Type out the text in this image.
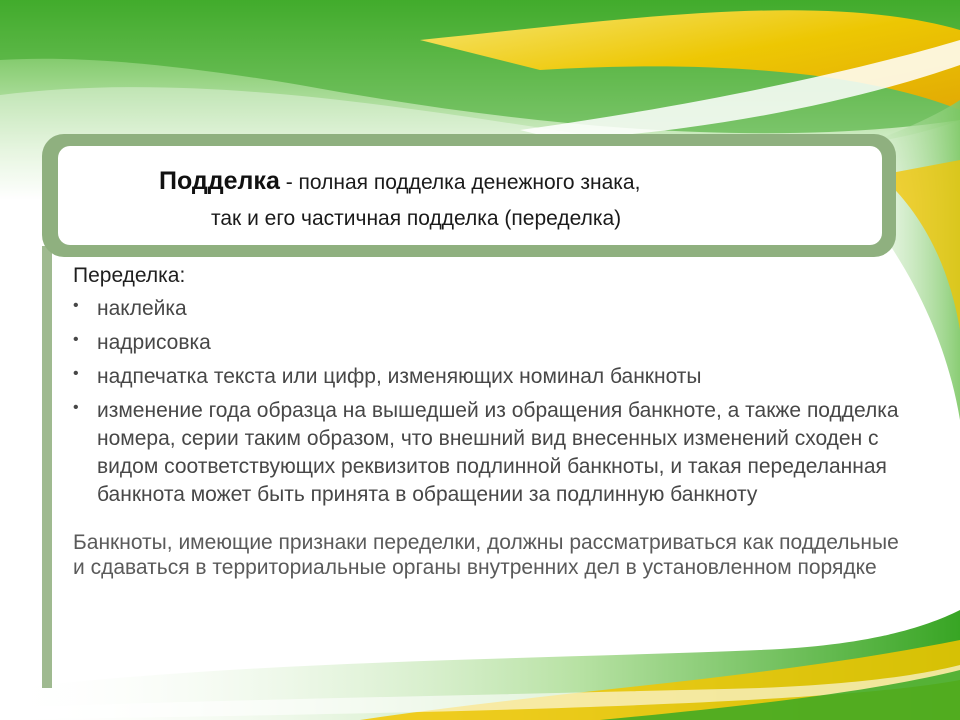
Подделка - полная подделка денежного знака,
так и его частичная подделка (переделка)
Переделка:
• наклейка
• надрисовка
• надпечатка текста или цифр, изменяющих номинал банкноты
• изменение года образца на вышедшей из обращения банкноте, а также подделка номера, серии таким образом, что внешний вид внесенных изменений сходен с видом соответствующих реквизитов подлинной банкноты, и такая переделанная банкнота может быть принята в обращении за подлинную банкноту
Банкноты, имеющие признаки переделки, должны рассматриваться как поддельные и сдаваться в территориальные органы внутренних дел в установленном порядке
